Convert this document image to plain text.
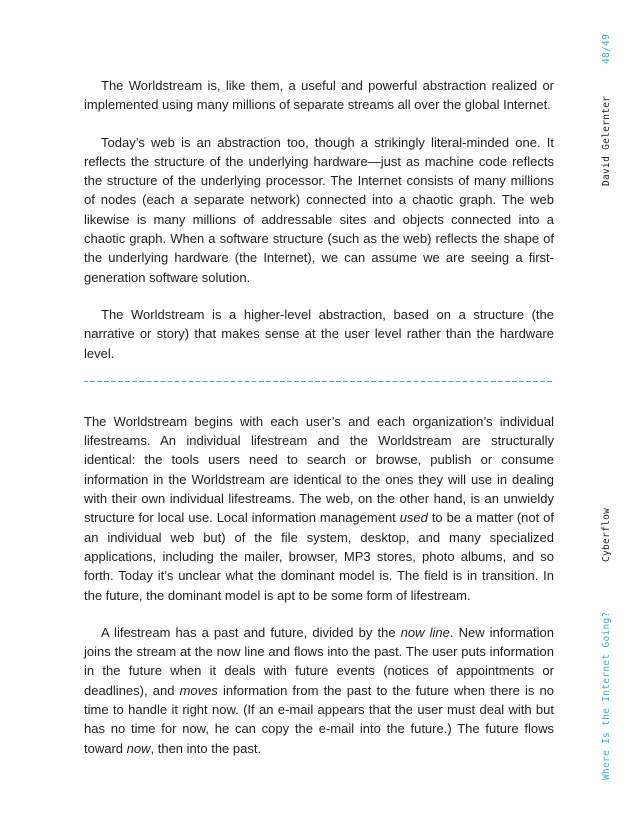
The Worldstream is, like them, a useful and powerful abstraction realized or implemented using many millions of separate streams all over the global Internet.

Today’s web is an abstraction too, though a strikingly literal-minded one. It reflects the structure of the underlying hardware—just as machine code reflects the structure of the underlying processor. The Internet consists of many millions of nodes (each a separate network) connected into a chaotic graph. The web likewise is many millions of addressable sites and objects connected into a chaotic graph. When a software structure (such as the web) reflects the shape of the underlying hardware (the Internet), we can assume we are seeing a first-generation software solution.

The Worldstream is a higher-level abstraction, based on a structure (the narrative or story) that makes sense at the user level rather than the hardware level.

The Worldstream begins with each user’s and each organization’s individual lifestreams. An individual lifestream and the Worldstream are structurally identical: the tools users need to search or browse, publish or consume information in the Worldstream are identical to the ones they will use in dealing with their own individual lifestreams. The web, on the other hand, is an unwieldy structure for local use. Local information management used to be a matter (not of an individual web but) of the file system, desktop, and many specialized applications, including the mailer, browser, MP3 stores, photo albums, and so forth. Today it’s unclear what the dominant model is. The field is in transition. In the future, the dominant model is apt to be some form of lifestream.

A lifestream has a past and future, divided by the now line. New information joins the stream at the now line and flows into the past. The user puts information in the future when it deals with future events (notices of appointments or deadlines), and moves information from the past to the future when there is no time to handle it right now. (If an e-mail appears that the user must deal with but has no time for now, he can copy the e-mail into the future.) The future flows toward now, then into the past.

48/49
David Gelernter
Cyberflow
Where Is the Internet Going?
